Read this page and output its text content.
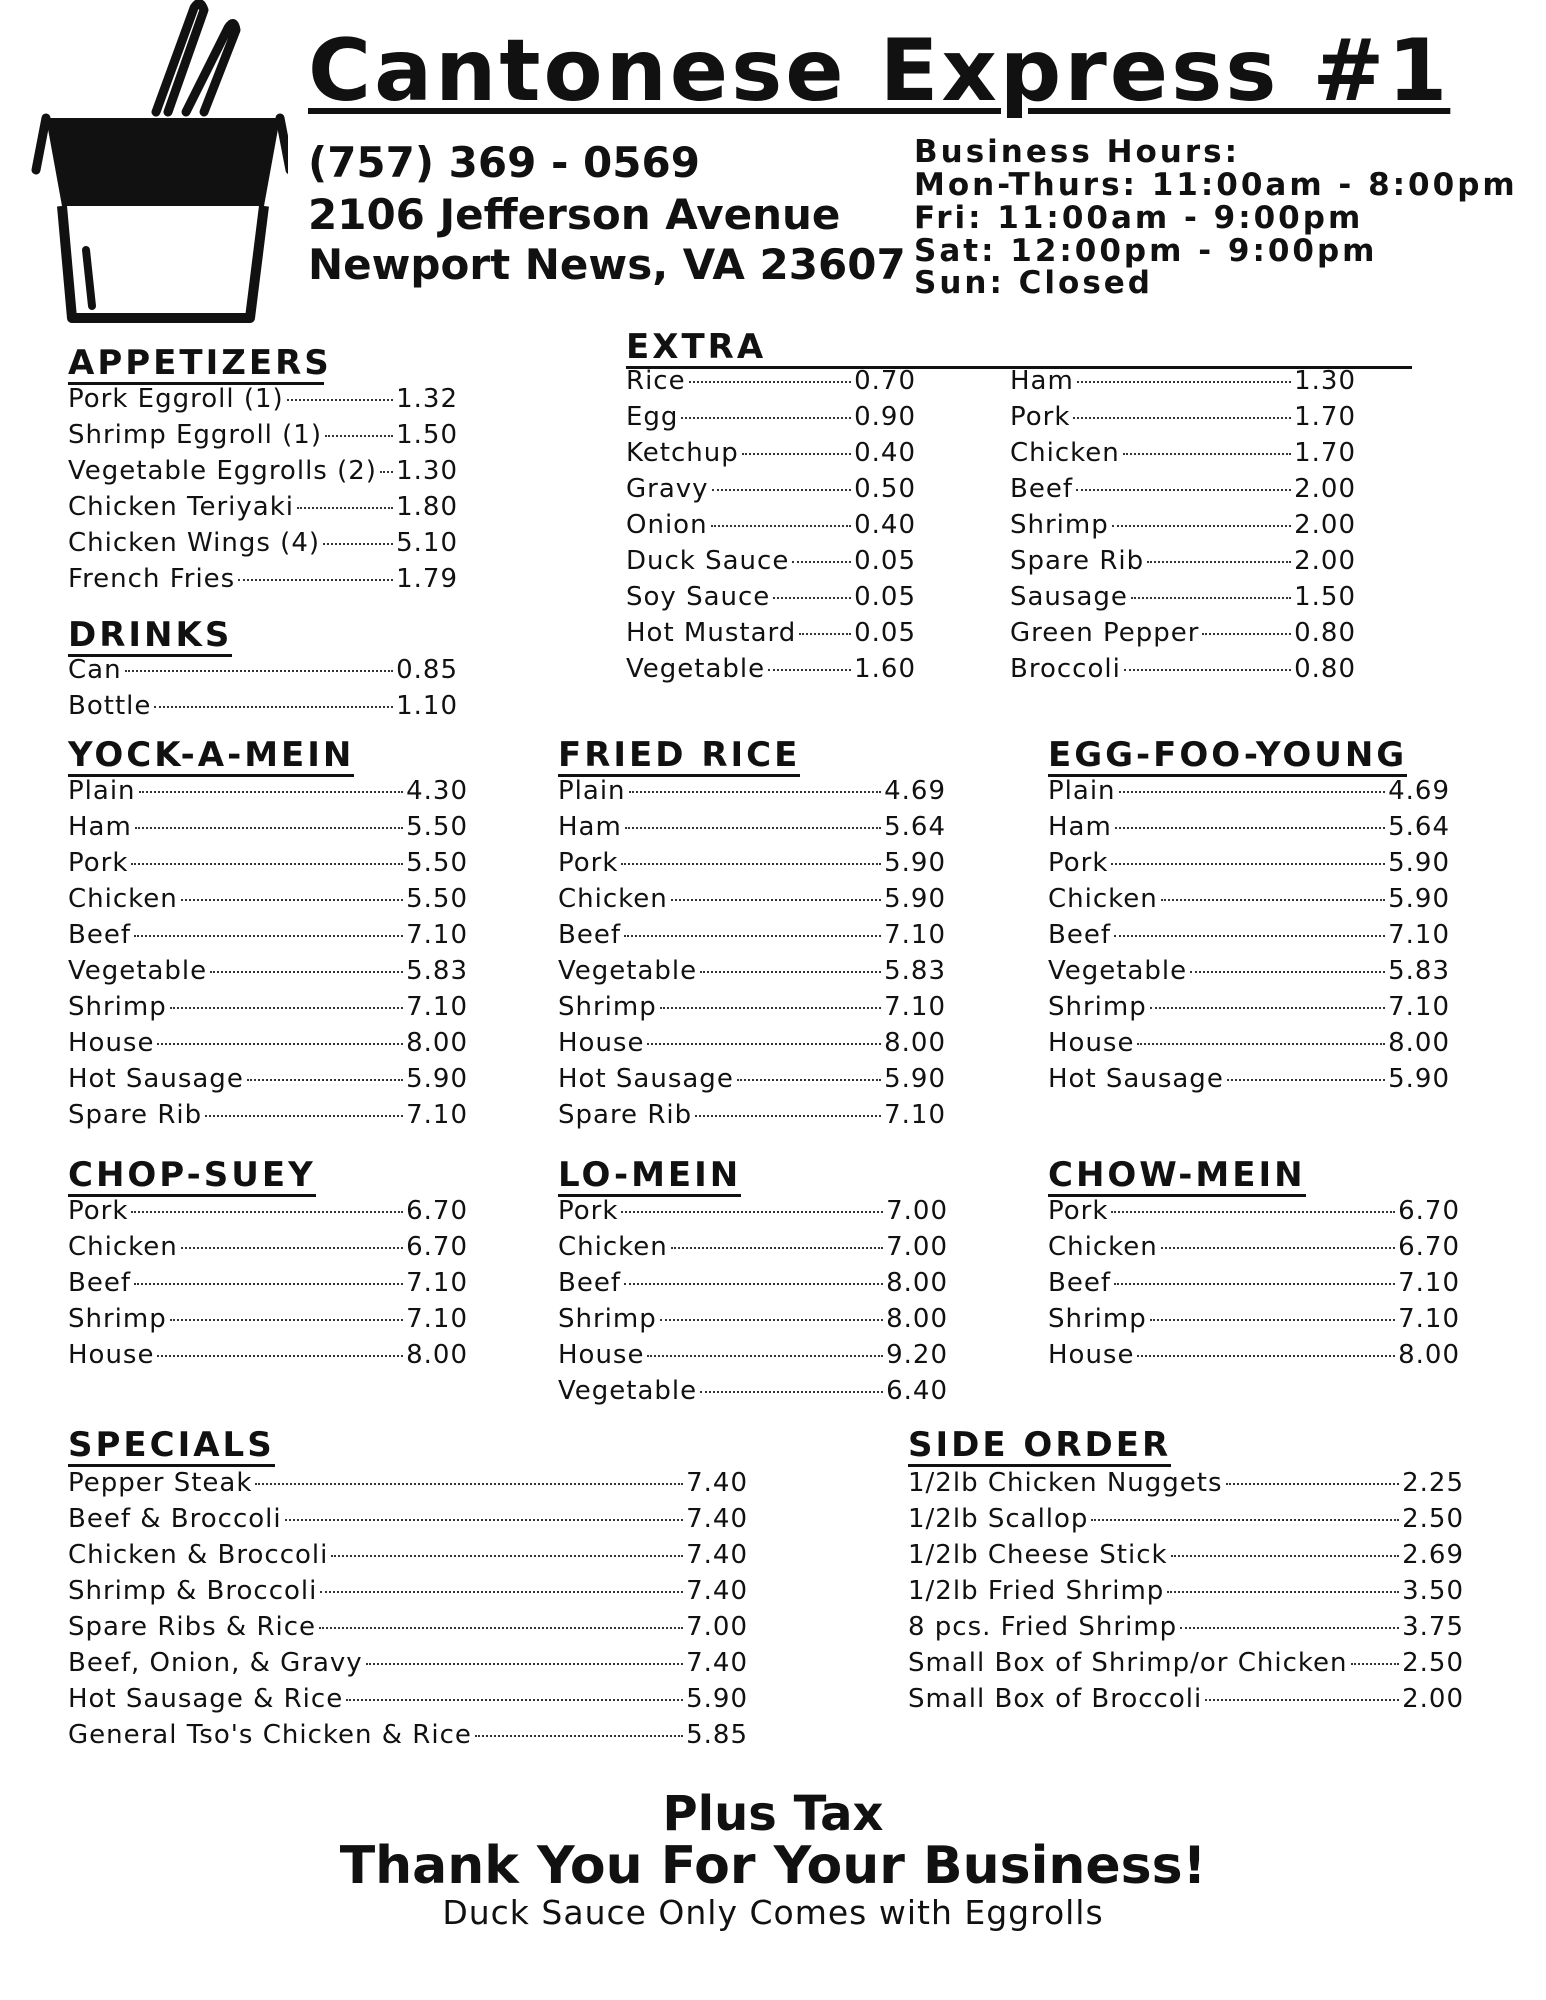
Cantonese Express #1
(757) 369 - 0569
2106 Jefferson Avenue
Newport News, VA 23607
Business Hours:
Mon-Thurs: 11:00am - 8:00pm
Fri: 11:00am - 9:00pm
Sat: 12:00pm - 9:00pm
Sun: Closed
APPETIZERS
Pork Eggroll (1)	1.32
Shrimp Eggroll (1)	1.50
Vegetable Eggrolls (2) 1.30
Chicken Teriyaki	1.80
Chicken Wings (4)	5.10
French Fries	1.79
DRINKS
Can	0.85
Bottle	1.10
EXTRA
Rice	0.70
Egg	0.90
Ketchup	0.40
Gravy	0.50
Onion	0.40
Duck Sauce 0.05
Soy Sauce	0.05
Hot Mustard 0.05
Vegetable	1.60
Ham	1.30
Pork	1.70
Chicken	1.70
Beef	2.00
Shrimp	2.00
Spare Rib	2.00
Sausage	1.50
Green Pepper	0.80
Broccoli	0.80
YOCK-A-MEIN
Plain	4.30
Ham	5.50
Pork	5.50
Chicken	5.50
Beef	7.10
Vegetable	5.83
Shrimp	7.10
House	8.00
Hot Sausage	5.90
Spare Rib	7.10
FRIED RICE
Plain	4.69
Ham	5.64
Pork	5.90
Chicken	5.90
Beef	7.10
Vegetable	5.83
Shrimp	7.10
House	8.00
Hot Sausage	5.90
Spare Rib	7.10
EGG-FOO-YOUNG
Plain	4.69
Ham	5.64
Pork	5.90
Chicken	5.90
Beef	7.10
Vegetable	5.83
Shrimp	7.10
House	8.00
Hot Sausage	5.90
CHOP-SUEY
Pork	6.70
Chicken	6.70
Beef	7.10
Shrimp	7.10
House	8.00
LO-MEIN
Pork	7.00
Chicken	7.00
Beef	8.00
Shrimp	8.00
House	9.20
Vegetable	6.40
CHOW-MEIN
Pork	6.70
Chicken	6.70
Beef	7.10
Shrimp	7.10
House	8.00
SPECIALS
Pepper Steak	7.40
Beef & Broccoli	7.40
Chicken & Broccoli	7.40
Shrimp & Broccoli	7.40
Spare Ribs & Rice	7.00
Beef, Onion, & Gravy	7.40
Hot Sausage & Rice	5.90
General Tso's Chicken & Rice	5.85
SIDE ORDER
1/2lb Chicken Nuggets	2.25
1/2lb Scallop	2.50
1/2lb Cheese Stick	2.69
1/2lb Fried Shrimp	3.50
8 pcs. Fried Shrimp	3.75
Small Box of Shrimp/or Chicken 2.50
Small Box of Broccoli	2.00
Plus Tax
Thank You For Your Business!
Duck Sauce Only Comes with Eggrolls
